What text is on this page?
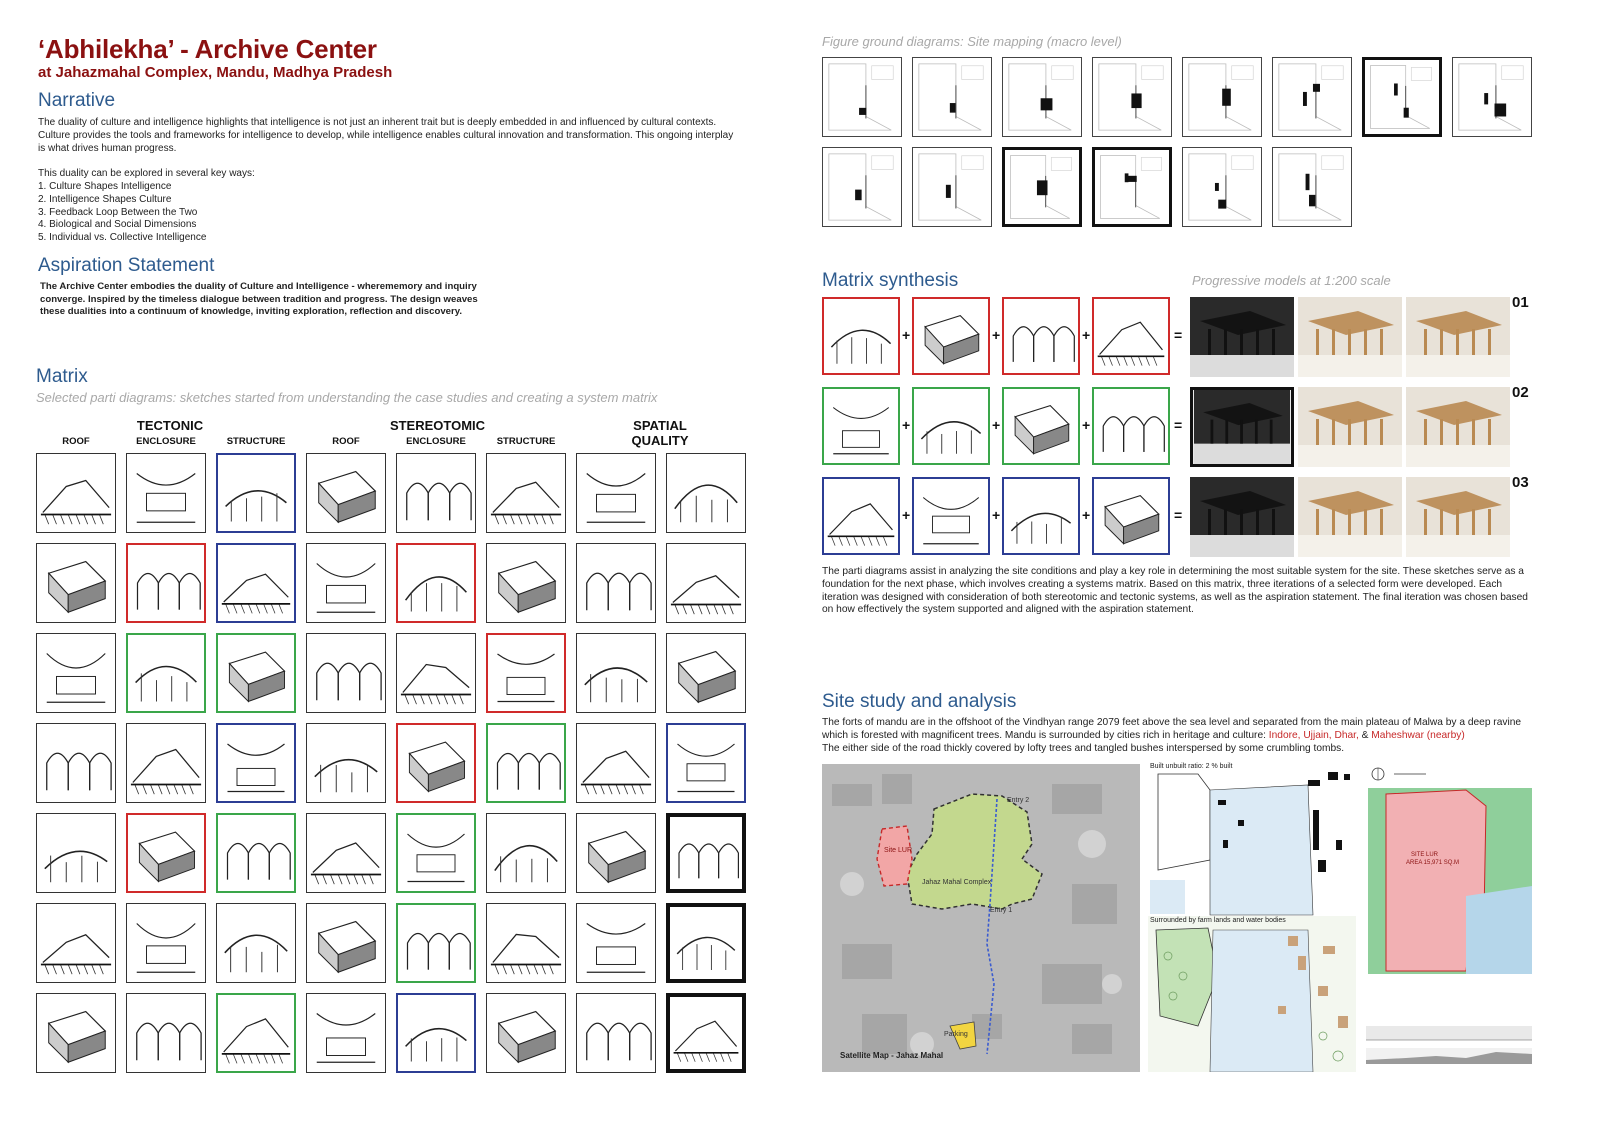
‘Abhilekha’ - Archive Center
at Jahazmahal Complex, Mandu, Madhya Pradesh
Narrative
The duality of culture and intelligence highlights that intelligence is not just an inherent trait but is deeply embedded in and influenced by cultural contexts. Culture provides the tools and frameworks for intelligence to develop, while intelligence enables cultural innovation and transformation. This ongoing interplay is what drives human progress.
This duality can be explored in several key ways:
1. Culture Shapes Intelligence
2. Intelligence Shapes Culture
3. Feedback Loop Between the Two
4. Biological and Social Dimensions
5. Individual vs. Collective Intelligence
Aspiration Statement
The Archive Center embodies the duality of Culture and Intelligence - wherememory and inquiry converge. Inspired by the timeless dialogue between tradition and progress. The design weaves these dualities into a continuum of knowledge, inviting exploration, reflection and discovery.
Matrix
Selected parti diagrams: sketches started from understanding the case studies and creating a system matrix
TECTONIC	STEREOTOMIC	SPATIAL QUALITY
ROOF	ENCLOSURE	STRUCTURE	ROOF	ENCLOSURE	STRUCTURE
Figure ground diagrams: Site mapping (macro level)
Matrix synthesis	Progressive models at 1:200 scale
+	+	+	=
01
+	+	+	=
02
+	+	+	=
03
The parti diagrams assist in analyzing the site conditions and play a key role in determining the most suitable system for the site. These sketches serve as a foundation for the next phase, which involves creating a systems matrix. Based on this matrix, three iterations of a selected form were developed. Each iteration was designed with consideration of both stereotomic and tectonic systems, as well as the aspiration statement. The final iteration was chosen based on how effectively the system supported and aligned with the aspiration statement.
Site study and analysis
The forts of mandu are in the offshoot of the Vindhyan range 2079 feet above the sea level and separated from the main plateau of Malwa by a deep ravine which is forested with magnificent trees. Mandu is surrounded by cities rich in heritage and culture: Indore, Ujjain, Dhar, & Maheshwar (nearby)
The either side of the road thickly covered by lofty trees and tangled bushes interspersed by some crumbling tombs.
Entry 2
Entry 1
Parking
Site LUR
Jahaz Mahal Complex
Satellite Map - Jahaz Mahal
Built unbuilt ratio: 2 % built
Surrounded by farm lands and water bodies
SITE LUR
AREA 15,971 SQ.M
